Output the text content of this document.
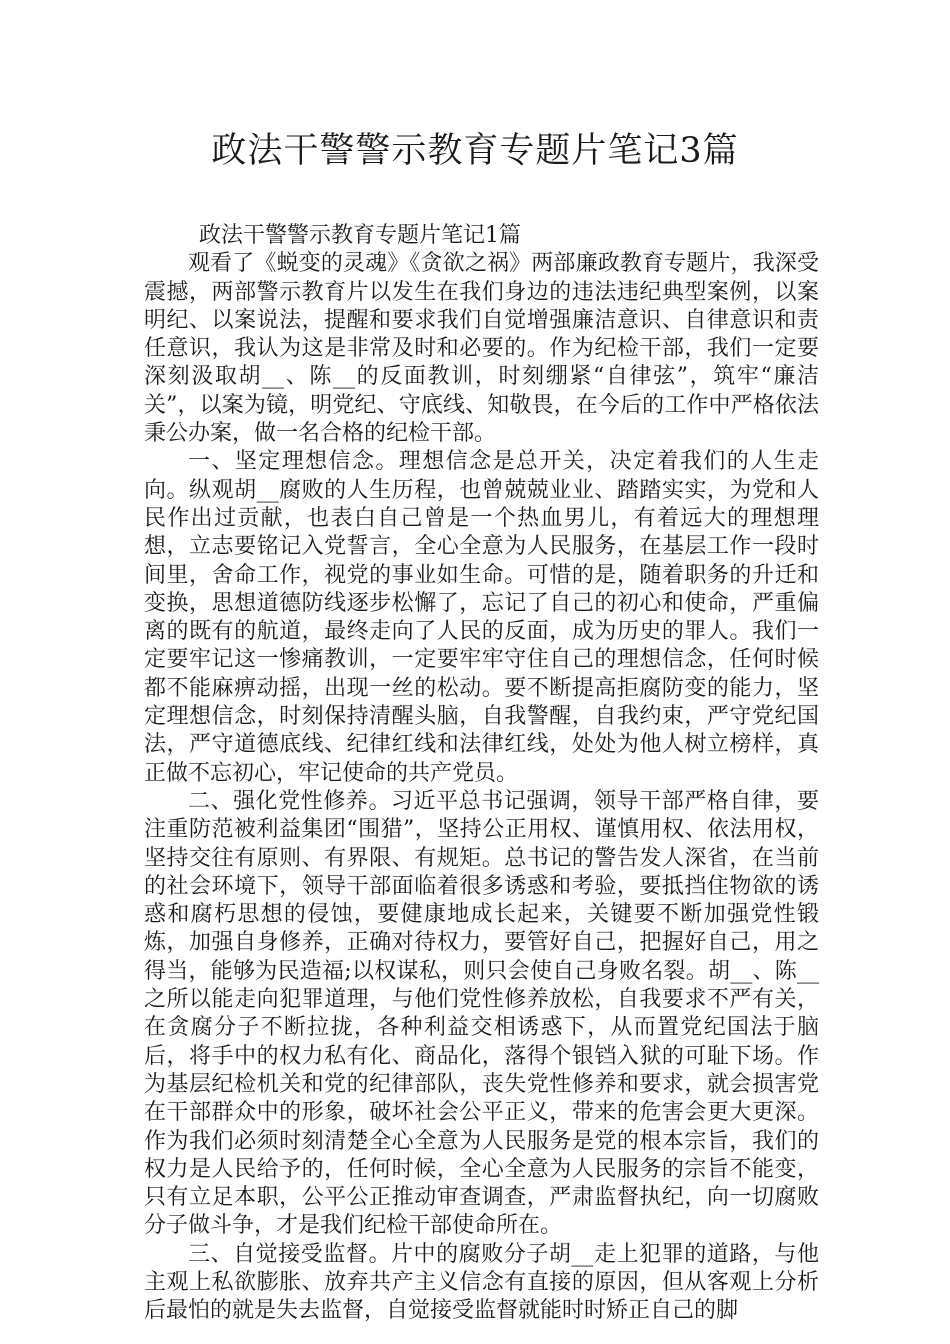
政法干警警示教育专题片笔记3篇

政法干警警示教育专题片笔记1篇

观看了《蜕变的灵魂》《贪欲之祸》两部廉政教育专题片，我深受震撼，两部警示教育片以发生在我们身边的违法违纪典型案例，以案明纪、以案说法，提醒和要求我们自觉增强廉洁意识、自律意识和责任意识，我认为这是非常及时和必要的。作为纪检干部，我们一定要深刻汲取胡__、陈__的反面教训，时刻绷紧“自律弦”，筑牢“廉洁关”，以案为镜，明党纪、守底线、知敬畏，在今后的工作中严格依法秉公办案，做一名合格的纪检干部。

一、坚定理想信念。理想信念是总开关，决定着我们的人生走向。纵观胡__腐败的人生历程，也曾兢兢业业、踏踏实实，为党和人民作出过贡献，也表白自己曾是一个热血男儿，有着远大的理想理想，立志要铭记入党誓言，全心全意为人民服务，在基层工作一段时间里，舍命工作，视党的事业如生命。可惜的是，随着职务的升迁和变换，思想道德防线逐步松懈了，忘记了自己的初心和使命，严重偏离的既有的航道，最终走向了人民的反面，成为历史的罪人。我们一定要牢记这一惨痛教训，一定要牢牢守住自己的理想信念，任何时候都不能麻痹动摇，出现一丝的松动。要不断提高拒腐防变的能力，坚定理想信念，时刻保持清醒头脑，自我警醒，自我约束，严守党纪国法，严守道德底线、纪律红线和法律红线，处处为他人树立榜样，真正做不忘初心，牢记使命的共产党员。

二、强化党性修养。习近平总书记强调，领导干部严格自律，要注重防范被利益集团“围猎”，坚持公正用权、谨慎用权、依法用权，坚持交往有原则、有界限、有规矩。总书记的警告发人深省，在当前的社会环境下，领导干部面临着很多诱惑和考验，要抵挡住物欲的诱惑和腐朽思想的侵蚀，要健康地成长起来，关键要不断加强党性锻炼，加强自身修养，正确对待权力，要管好自己，把握好自己，用之得当，能够为民造福;以权谋私，则只会使自己身败名裂。胡__、陈__之所以能走向犯罪道理，与他们党性修养放松，自我要求不严有关，在贪腐分子不断拉拢，各种利益交相诱惑下，从而置党纪国法于脑后，将手中的权力私有化、商品化，落得个银铛入狱的可耻下场。作为基层纪检机关和党的纪律部队，丧失党性修养和要求，就会损害党在干部群众中的形象，破坏社会公平正义，带来的危害会更大更深。作为我们必须时刻清楚全心全意为人民服务是党的根本宗旨，我们的权力是人民给予的，任何时候，全心全意为人民服务的宗旨不能变，只有立足本职，公平公正推动审查调查，严肃监督执纪，向一切腐败分子做斗争，才是我们纪检干部使命所在。

三、自觉接受监督。片中的腐败分子胡__走上犯罪的道路，与他主观上私欲膨胀、放弃共产主义信念有直接的原因，但从客观上分析后最怕的就是失去监督，自觉接受监督就能时时矫正自己的脚
